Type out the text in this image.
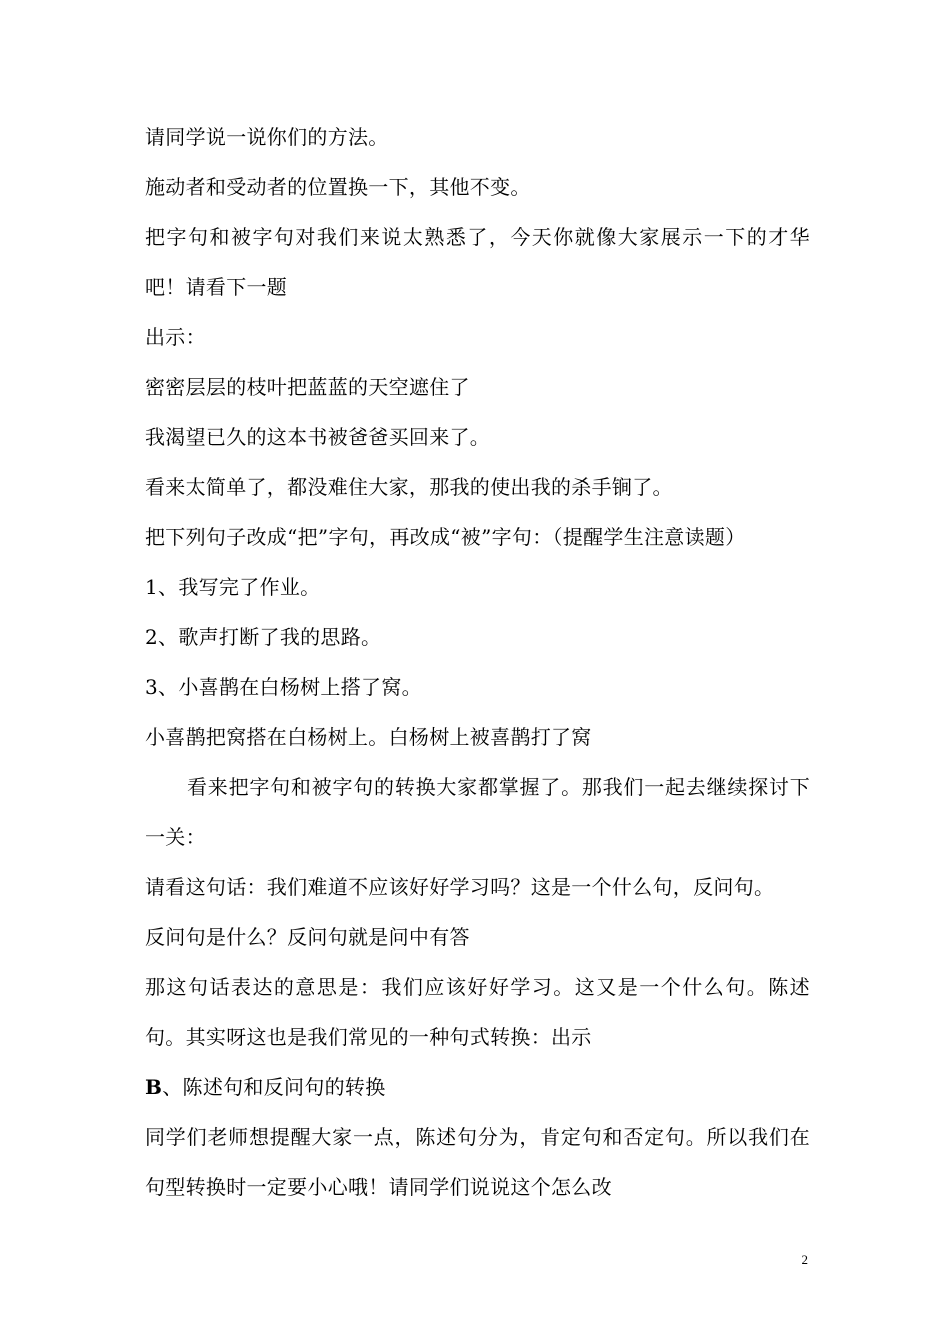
请同学说一说你们的方法。

施动者和受动者的位置换一下，其他不变。

把字句和被字句对我们来说太熟悉了，今天你就像大家展示一下的才华吧！请看下一题

出示：

密密层层的枝叶把蓝蓝的天空遮住了

我渴望已久的这本书被爸爸买回来了。

看来太简单了，都没难住大家，那我的使出我的杀手锏了。

把下列句子改成“把”字句，再改成“被”字句：（提醒学生注意读题）

1、我写完了作业。

2、歌声打断了我的思路。

3、小喜鹊在白杨树上搭了窝。

小喜鹊把窝搭在白杨树上。白杨树上被喜鹊打了窝

看来把字句和被字句的转换大家都掌握了。那我们一起去继续探讨下一关：

请看这句话：我们难道不应该好好学习吗？这是一个什么句，反问句。

反问句是什么？反问句就是问中有答

那这句话表达的意思是：我们应该好好学习。这又是一个什么句。陈述句。其实呀这也是我们常见的一种句式转换：出示

B、陈述句和反问句的转换

同学们老师想提醒大家一点，陈述句分为，肯定句和否定句。所以我们在句型转换时一定要小心哦！请同学们说说这个怎么改

2
